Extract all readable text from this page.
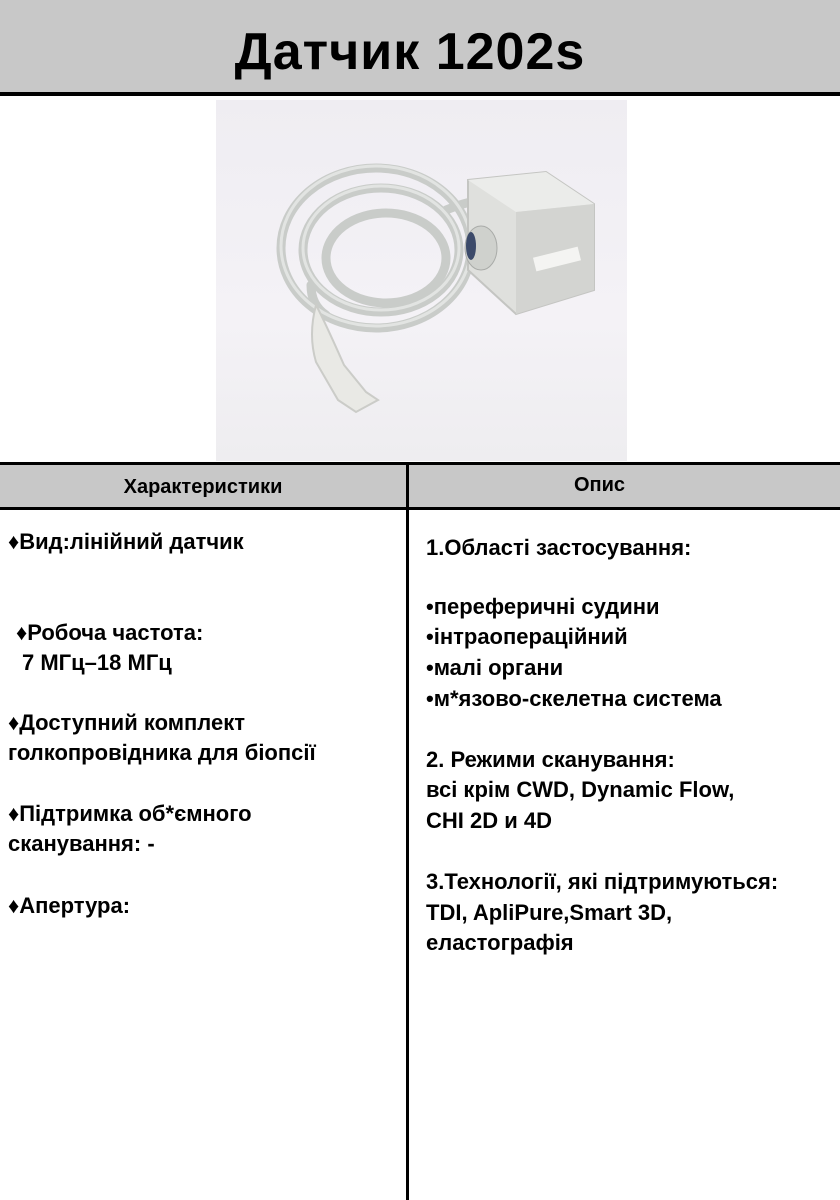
Датчик 1202s
Характеристики	Опис
♦Вид:лінійний датчик
♦Робоча частота:
7 МГц–18 МГц
♦Доступний комплект
голкопровідника для біопсії
♦Підтримка об*ємного
сканування: -
♦Апертура:
1.Області застосування:
•переферичні судини
•інтраопераційний
•малі органи
•м*язово-скелетна система
2. Режими сканування:
всі крім CWD, Dynamic Flow,
CHI 2D и 4D
3.Технології, які підтримуються:
TDI, ApliPure,Smart 3D,
еластографія
